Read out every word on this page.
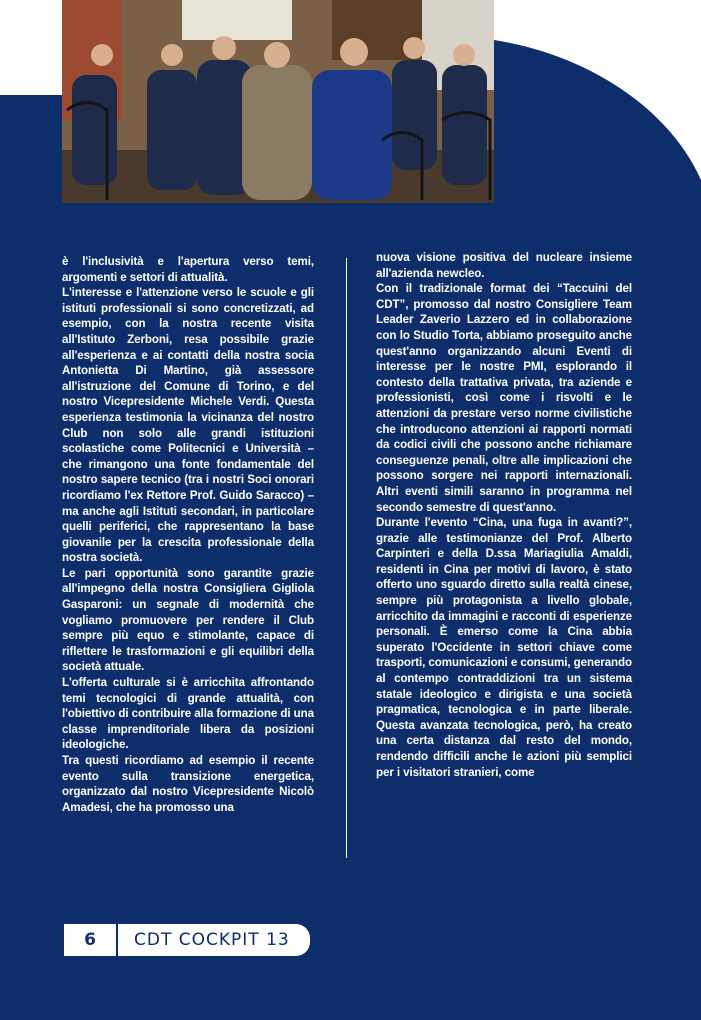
è l'inclusività e l'apertura verso temi, argomenti e settori di attualità.

L'interesse e l'attenzione verso le scuole e gli istituti professionali si sono concretizzati, ad esempio, con la nostra recente visita all'Istituto Zerboni, resa possibile grazie all'esperienza e ai contatti della nostra socia Antonietta Di Martino, già assessore all'istruzione del Comune di Torino, e del nostro Vicepresidente Michele Verdi. Questa esperienza testimonia la vicinanza del nostro Club non solo alle grandi istituzioni scolastiche come Politecnici e Università – che rimangono una fonte fondamentale del nostro sapere tecnico (tra i nostri Soci onorari ricordiamo l'ex Rettore Prof. Guido Saracco) – ma anche agli Istituti secondari, in particolare quelli periferici, che rappresentano la base giovanile per la crescita professionale della nostra società.

Le pari opportunità sono garantite grazie all'impegno della nostra Consigliera Gigliola Gasparoni: un segnale di modernità che vogliamo promuovere per rendere il Club sempre più equo e stimolante, capace di riflettere le trasformazioni e gli equilibri della società attuale.

L'offerta culturale si è arricchita affrontando temi tecnologici di grande attualità, con l'obiettivo di contribuire alla formazione di una classe imprenditoriale libera da posizioni ideologiche.

Tra questi ricordiamo ad esempio il recente evento sulla transizione energetica, organizzato dal nostro Vicepresidente Nicolò Amadesi, che ha promosso una

nuova visione positiva del nucleare insieme all'azienda newcleo.

Con il tradizionale format dei “Taccuini del CDT”, promosso dal nostro Consigliere Team Leader Zaverio Lazzero ed in collaborazione con lo Studio Torta, abbiamo proseguito anche quest'anno organizzando alcuni Eventi di interesse per le nostre PMI, esplorando il contesto della trattativa privata, tra aziende e professionisti, così come i risvolti e le attenzioni da prestare verso norme civilistiche che introducono attenzioni ai rapporti normati da codici civili che possono anche richiamare conseguenze penali, oltre alle implicazioni che possono sorgere nei rapporti internazionali. Altri eventi simili saranno in programma nel secondo semestre di quest'anno.

Durante l'evento “Cina, una fuga in avanti?”, grazie alle testimonianze del Prof. Alberto Carpinteri e della D.ssa Mariagiulia Amaldi, residenti in Cina per motivi di lavoro, è stato offerto uno sguardo diretto sulla realtà cinese, sempre più protagonista a livello globale, arricchito da immagini e racconti di esperienze personali. È emerso come la Cina abbia superato l'Occidente in settori chiave come trasporti, comunicazioni e consumi, generando al contempo contraddizioni tra un sistema statale ideologico e dirigista e una società pragmatica, tecnologica e in parte liberale. Questa avanzata tecnologica, però, ha creato una certa distanza dal resto del mondo, rendendo difficili anche le azioni più semplici per i visitatori stranieri, come

6	CDT COCKPIT 13
